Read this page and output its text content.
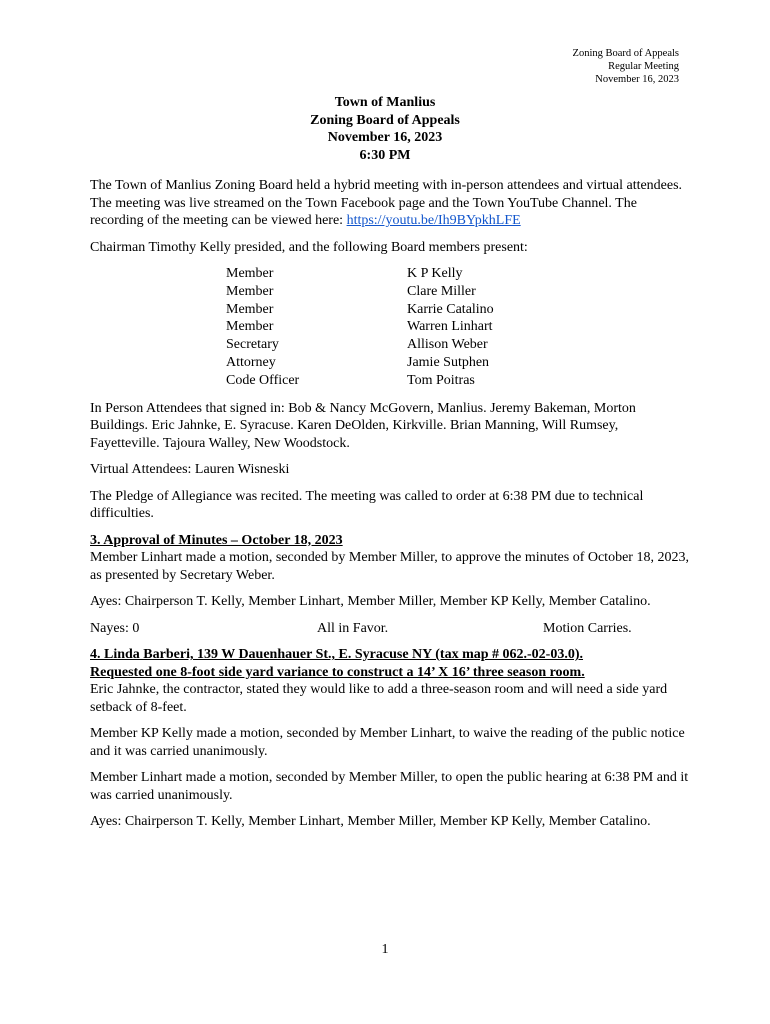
Zoning Board of Appeals
Regular Meeting
November 16, 2023
Town of Manlius
Zoning Board of Appeals
November 16, 2023
6:30 PM

The Town of Manlius Zoning Board held a hybrid meeting with in-person attendees and virtual attendees. The meeting was live streamed on the Town Facebook page and the Town YouTube Channel. The recording of the meeting can be viewed here: https://youtu.be/Ih9BYpkhLFE

Chairman Timothy Kelly presided, and the following Board members present:

Member	K P Kelly
Member	Clare Miller
Member	Karrie Catalino
Member	Warren Linhart
Secretary	Allison Weber
Attorney	Jamie Sutphen
Code Officer	Tom Poitras

In Person Attendees that signed in: Bob & Nancy McGovern, Manlius. Jeremy Bakeman, Morton Buildings. Eric Jahnke, E. Syracuse. Karen DeOlden, Kirkville. Brian Manning, Will Rumsey, Fayetteville. Tajoura Walley, New Woodstock.

Virtual Attendees: Lauren Wisneski

The Pledge of Allegiance was recited. The meeting was called to order at 6:38 PM due to technical difficulties.

3. Approval of Minutes – October 18, 2023

Member Linhart made a motion, seconded by Member Miller, to approve the minutes of October 18, 2023, as presented by Secretary Weber.

Ayes: Chairperson T. Kelly, Member Linhart, Member Miller, Member KP Kelly, Member Catalino.

Nayes: 0	All in Favor.	Motion Carries.
4. Linda Barberi, 139 W Dauenhauer St., E. Syracuse NY (tax map # 062.-02-03.0).
Requested one 8-foot side yard variance to construct a 14’ X 16’ three season room.

Eric Jahnke, the contractor, stated they would like to add a three-season room and will need a side yard setback of 8-feet.

Member KP Kelly made a motion, seconded by Member Linhart, to waive the reading of the public notice and it was carried unanimously.

Member Linhart made a motion, seconded by Member Miller, to open the public hearing at 6:38 PM and it was carried unanimously.

Ayes: Chairperson T. Kelly, Member Linhart, Member Miller, Member KP Kelly, Member Catalino.

1
